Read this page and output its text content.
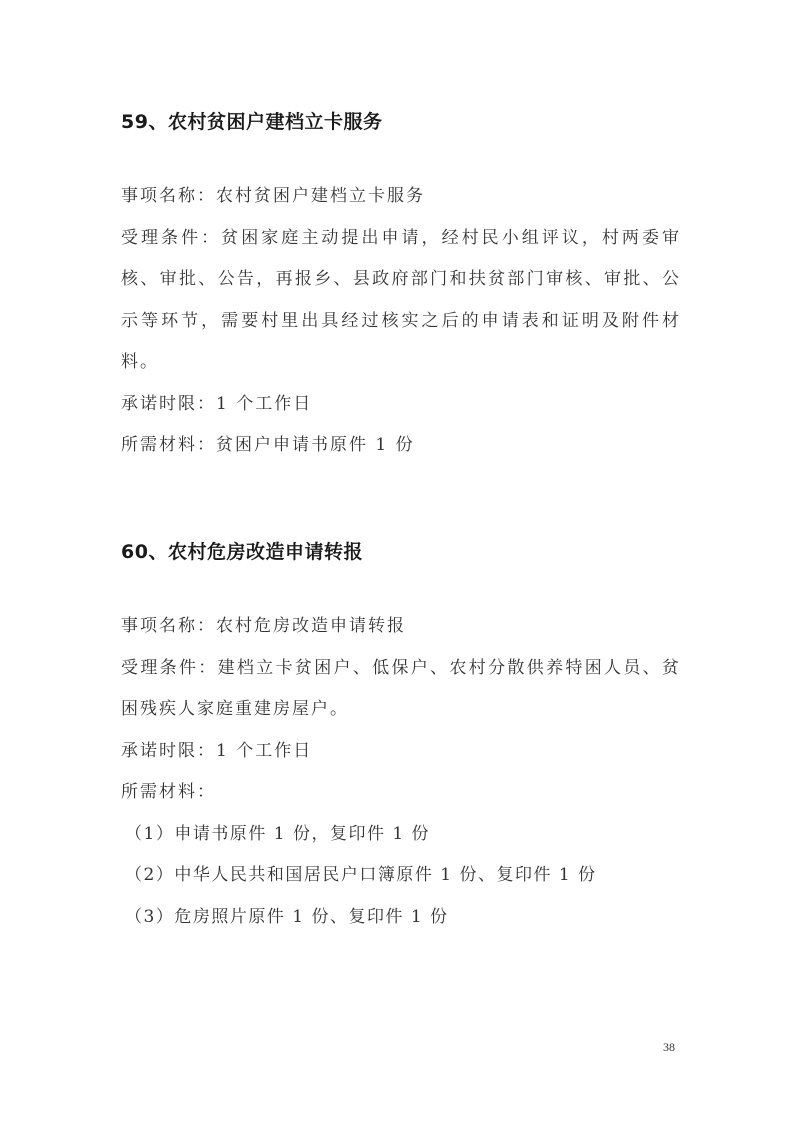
59、农村贫困户建档立卡服务
事项名称：农村贫困户建档立卡服务
受理条件：贫困家庭主动提出申请，经村民小组评议，村两委审核、审批、公告，再报乡、县政府部门和扶贫部门审核、审批、公示等环节，需要村里出具经过核实之后的申请表和证明及附件材料。
承诺时限：1 个工作日
所需材料：贫困户申请书原件 1 份
60、农村危房改造申请转报
事项名称：农村危房改造申请转报
受理条件：建档立卡贫困户、低保户、农村分散供养特困人员、贫困残疾人家庭重建房屋户。
承诺时限：1 个工作日
所需材料：
（1）申请书原件 1 份，复印件 1 份
（2）中华人民共和国居民户口簿原件 1 份、复印件 1 份
（3）危房照片原件 1 份、复印件 1 份
38
